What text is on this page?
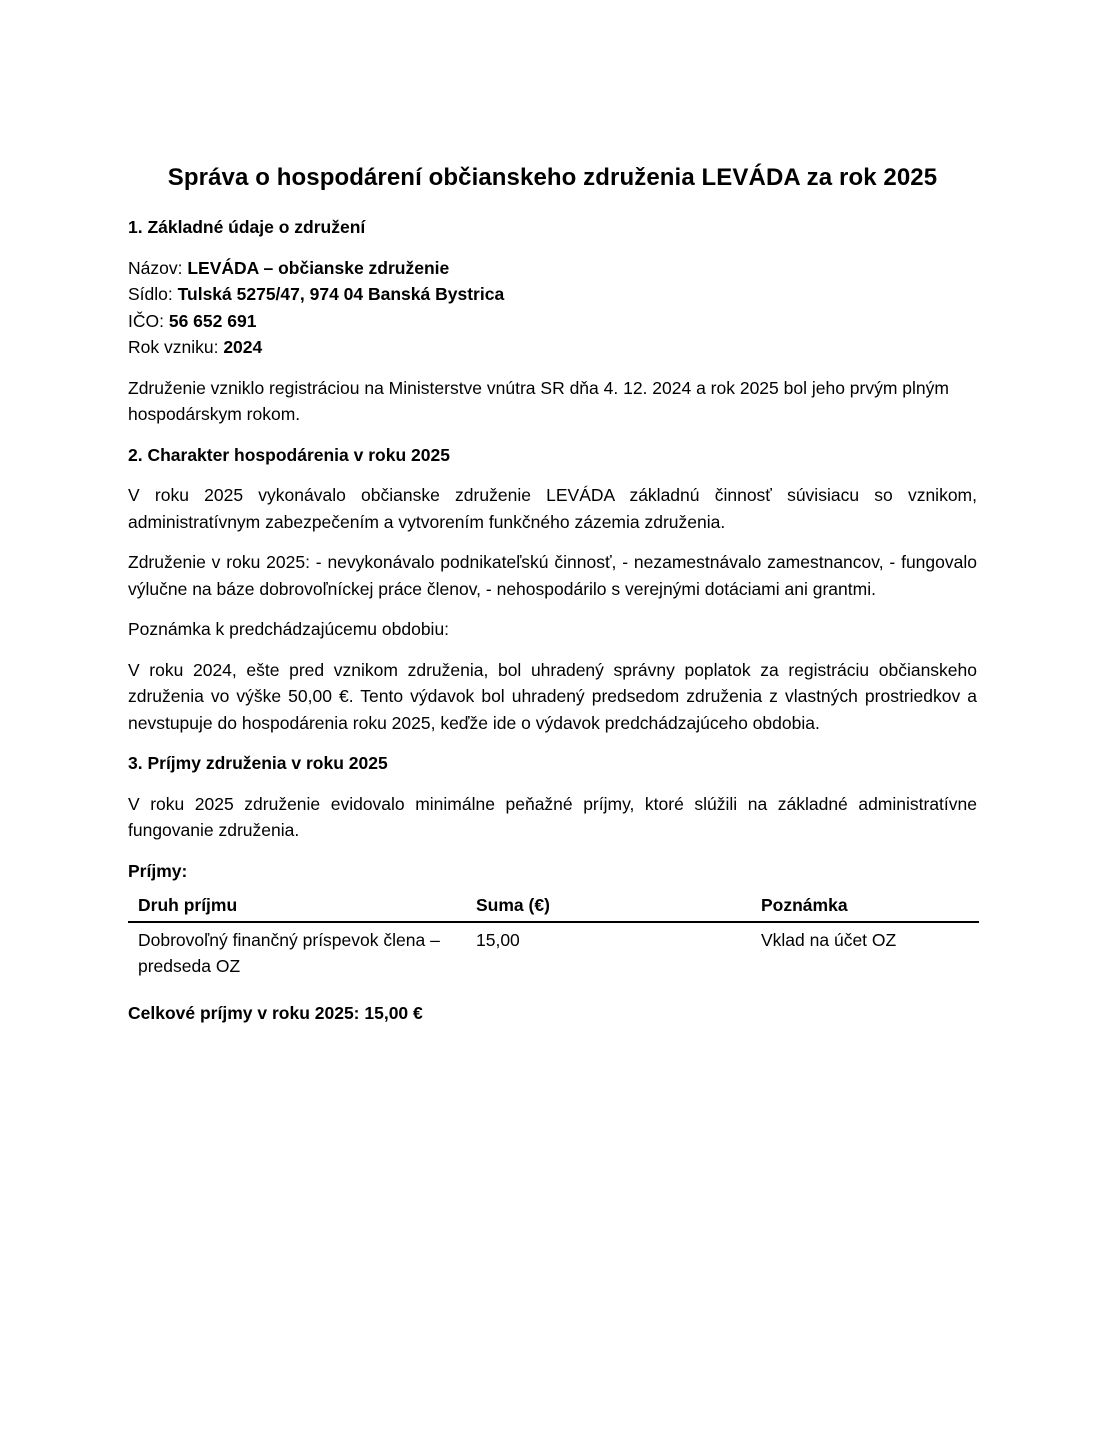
Správa o hospodárení občianskeho združenia LEVÁDA za rok 2025
1. Základné údaje o združení
Názov: LEVÁDA – občianske združenie
Sídlo: Tulská 5275/47, 974 04 Banská Bystrica
IČO: 56 652 691
Rok vzniku: 2024

Združenie vzniklo registráciou na Ministerstve vnútra SR dňa 4. 12. 2024 a rok 2025 bol jeho prvým plným hospodárskym rokom.

2. Charakter hospodárenia v roku 2025

V roku 2025 vykonávalo občianske združenie LEVÁDA základnú činnosť súvisiacu so vznikom, administratívnym zabezpečením a vytvorením funkčného zázemia združenia.

Združenie v roku 2025: - nevykonávalo podnikateľskú činnosť, - nezamestnávalo zamestnancov, - fungovalo výlučne na báze dobrovoľníckej práce členov, - nehospodárilo s verejnými dotáciami ani grantmi.

Poznámka k predchádzajúcemu obdobiu:

V roku 2024, ešte pred vznikom združenia, bol uhradený správny poplatok za registráciu občianskeho združenia vo výške 50,00 €. Tento výdavok bol uhradený predsedom združenia z vlastných prostriedkov a nevstupuje do hospodárenia roku 2025, keďže ide o výdavok predchádzajúceho obdobia.

3. Príjmy združenia v roku 2025

V roku 2025 združenie evidovalo minimálne peňažné príjmy, ktoré slúžili na základné administratívne fungovanie združenia.

Príjmy:

Druh príjmu	Suma (€)	Poznámka
Dobrovoľný finančný príspevok člena – predseda OZ	15,00	Vklad na účet OZ

Celkové príjmy v roku 2025: 15,00 €
